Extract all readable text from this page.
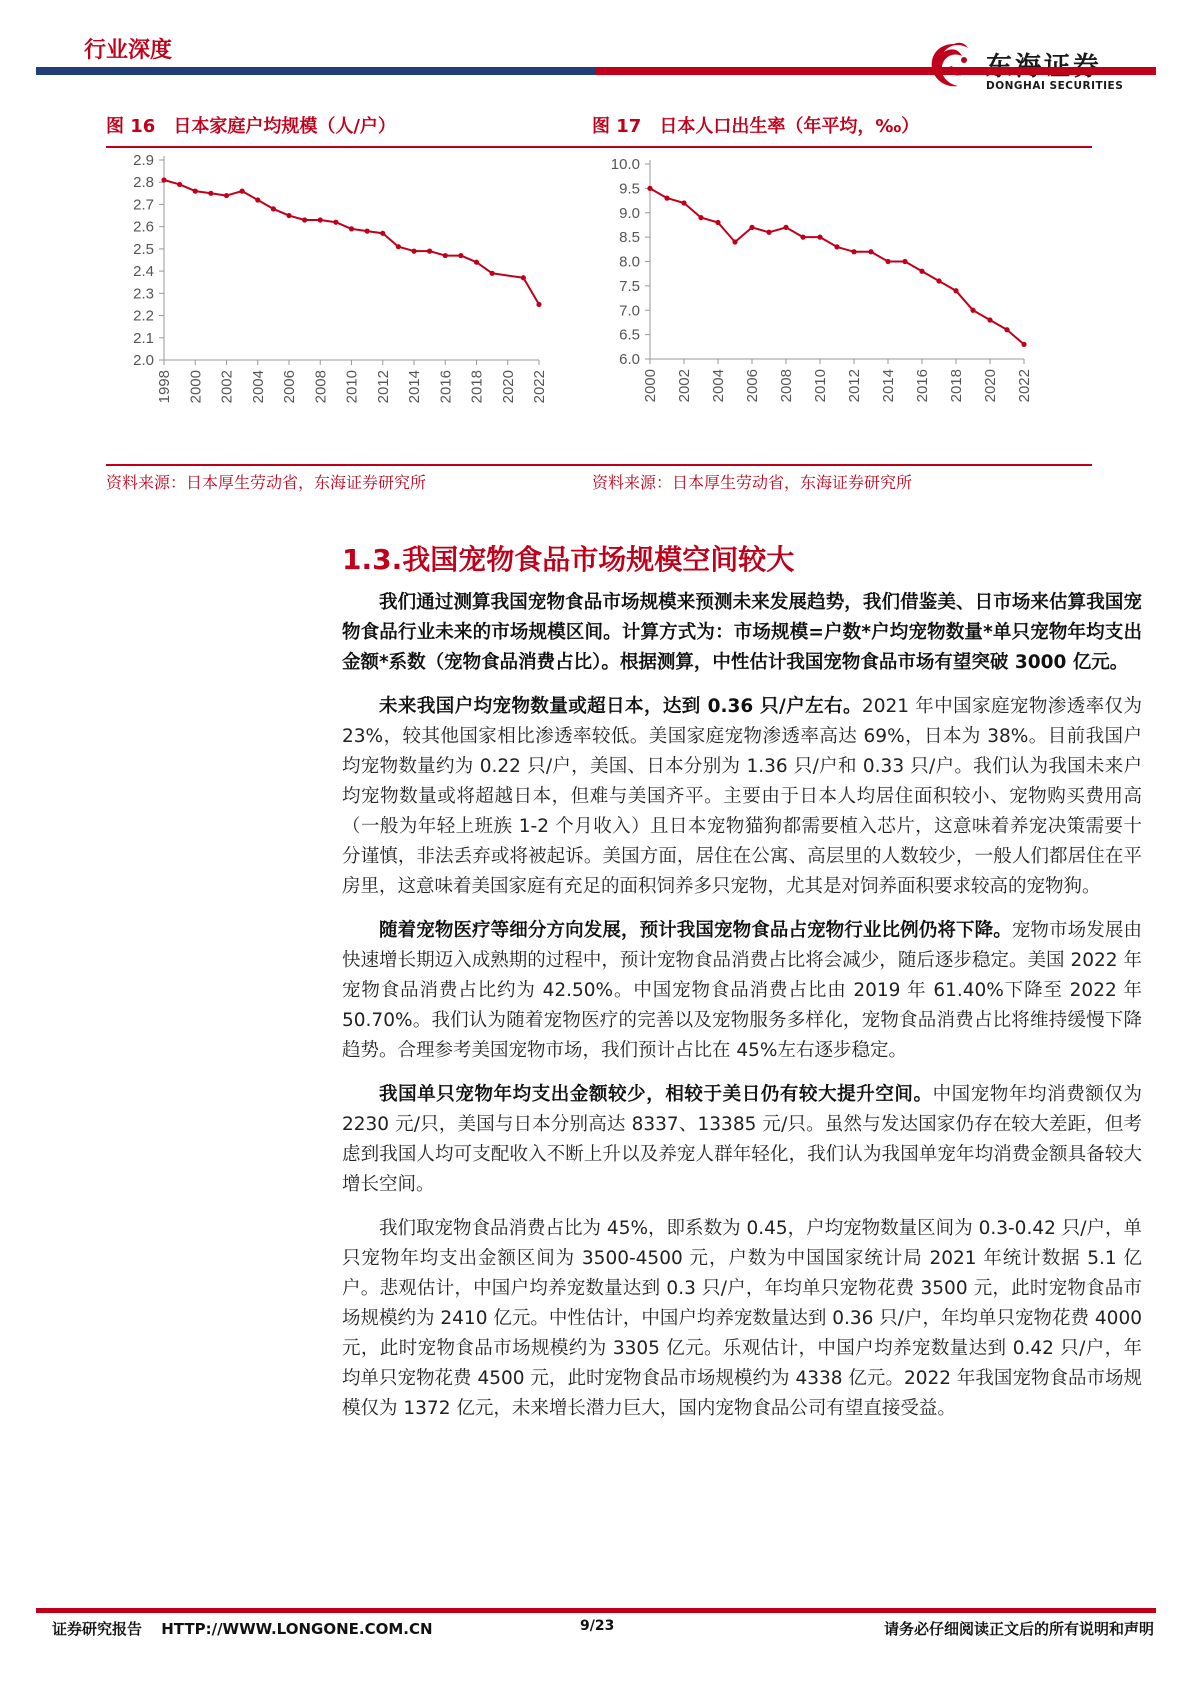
行业深度
DONGHAI SECURITIES
图 16　日本家庭户均规模（人/户）
2.9
2.8
2.7
2.6
2.5
2.4
2.3
2.2
2.1
2.0
1998 2000 2002 2004 2006 2008 2010 2012 2014 2016 2018 2020 2022
资料来源：日本厚生劳动省，东海证券研究所
图 17　日本人口出生率（年平均，‰）
10.0
9.5
9.0
8.5
8.0
7.5
7.0
6.5
6.0
2000 2002 2004 2006 2008 2010 2012 2014 2016 2018 2020 2022
资料来源：日本厚生劳动省，东海证券研究所
1.3.我国宠物食品市场规模空间较大

我们通过测算我国宠物食品市场规模来预测未来发展趋势，我们借鉴美、日市场来估算我国宠物食品行业未来的市场规模区间。计算方式为：市场规模=户数*户均宠物数量*单只宠物年均支出金额*系数（宠物食品消费占比）。根据测算，中性估计我国宠物食品市场有望突破 3000 亿元。

未来我国户均宠物数量或超日本，达到 0.36 只/户左右。2021 年中国家庭宠物渗透率仅为 23%，较其他国家相比渗透率较低。美国家庭宠物渗透率高达 69%，日本为 38%。目前我国户均宠物数量约为 0.22 只/户，美国、日本分别为 1.36 只/户和 0.33 只/户。我们认为我国未来户均宠物数量或将超越日本，但难与美国齐平。主要由于日本人均居住面积较小、宠物购买费用高（一般为年轻上班族 1-2 个月收入）且日本宠物猫狗都需要植入芯片，这意味着养宠决策需要十分谨慎，非法丢弃或将被起诉。美国方面，居住在公寓、高层里的人数较少，一般人们都居住在平房里，这意味着美国家庭有充足的面积饲养多只宠物，尤其是对饲养面积要求较高的宠物狗。

随着宠物医疗等细分方向发展，预计我国宠物食品占宠物行业比例仍将下降。宠物市场发展由快速增长期迈入成熟期的过程中，预计宠物食品消费占比将会减少，随后逐步稳定。美国 2022 年宠物食品消费占比约为 42.50%。中国宠物食品消费占比由 2019 年 61.40%下降至 2022 年 50.70%。我们认为随着宠物医疗的完善以及宠物服务多样化，宠物食品消费占比将维持缓慢下降趋势。合理参考美国宠物市场，我们预计占比在 45%左右逐步稳定。

我国单只宠物年均支出金额较少，相较于美日仍有较大提升空间。中国宠物年均消费额仅为 2230 元/只，美国与日本分别高达 8337、13385 元/只。虽然与发达国家仍存在较大差距，但考虑到我国人均可支配收入不断上升以及养宠人群年轻化，我们认为我国单宠年均消费金额具备较大增长空间。

我们取宠物食品消费占比为 45%，即系数为 0.45，户均宠物数量区间为 0.3-0.42 只/户，单只宠物年均支出金额区间为 3500-4500 元，户数为中国国家统计局 2021 年统计数据 5.1 亿户。悲观估计，中国户均养宠数量达到 0.3 只/户，年均单只宠物花费 3500 元，此时宠物食品市场规模约为 2410 亿元。中性估计，中国户均养宠数量达到 0.36 只/户，年均单只宠物花费 4000 元，此时宠物食品市场规模约为 3305 亿元。乐观估计，中国户均养宠数量达到 0.42 只/户，年均单只宠物花费 4500 元，此时宠物食品市场规模约为 4338 亿元。2022 年我国宠物食品市场规模仅为 1372 亿元，未来增长潜力巨大，国内宠物食品公司有望直接受益。

证券研究报告 HTTP://WWW.LONGONE.COM.CN	9/23	请务必仔细阅读正文后的所有说明和声明
